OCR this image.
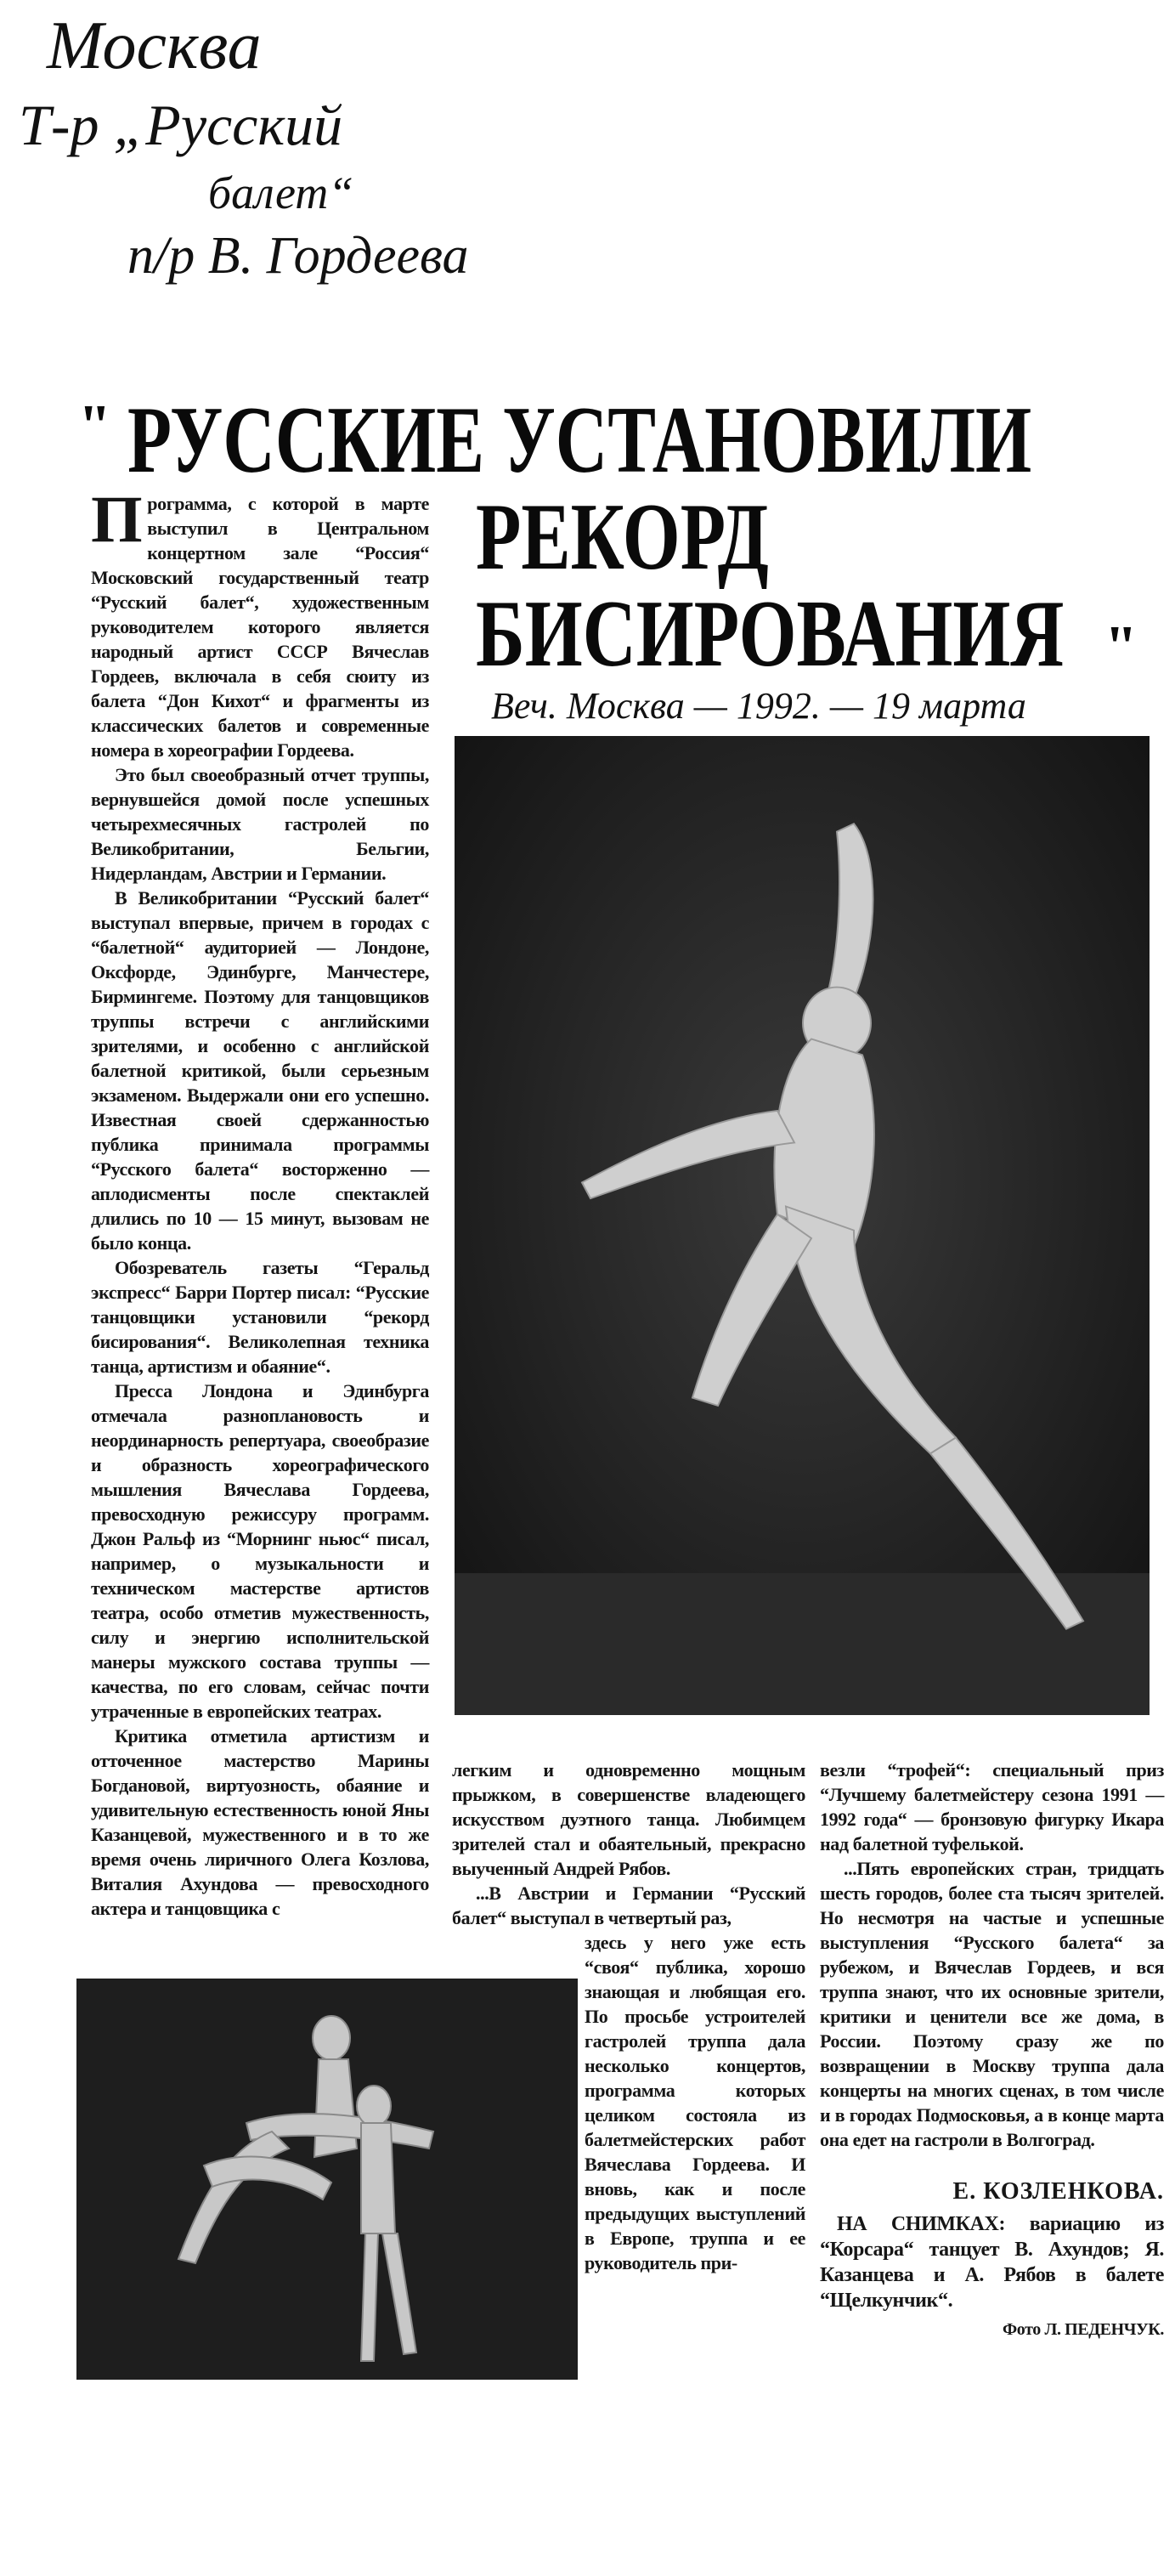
Москва
Т-р „Русский
балет“
п/р В. Гордеева
" РУССКИЕ УСТАНОВИЛИ
РЕКОРД
БИСИРОВАНИЯ "
Веч. Москва — 1992. — 19 марта

Программа, с которой в марте выступил в Центральном концертном зале “Россия“ Московский государственный театр “Русский балет“, художественным руководителем которого является народный артист СССР Вячеслав Гордеев, включала в себя сюиту из балета “Дон Кихот“ и фрагменты из классических балетов и современные номера в хореографии Гордеева.

Это был своеобразный отчет труппы, вернувшейся домой после успешных четырехмесячных гастролей по Великобритании, Бельгии, Нидерландам, Австрии и Германии.

В Великобритании “Русский балет“ выступал впервые, причем в городах с “балетной“ аудиторией — Лондоне, Оксфорде, Эдинбурге, Манчестере, Бирмингеме. Поэтому для танцовщиков труппы встречи с английскими зрителями, и особенно с английской балетной критикой, были серьезным экзаменом. Выдержали они его успешно. Известная своей сдержанностью публика принимала программы “Русского балета“ восторженно — аплодисменты после спектаклей длились по 10 — 15 минут, вызовам не было конца.

Обозреватель газеты “Геральд экспресс“ Барри Портер писал: “Русские танцовщики установили “рекорд бисирования“. Великолепная техника танца, артистизм и обаяние“.

Пресса Лондона и Эдинбурга отмечала разноплановость и неординарность репертуара, своеобразие и образность хореографического мышления Вячеслава Гордеева, превосходную режиссуру программ. Джон Ральф из “Морнинг ньюс“ писал, например, о музыкальности и техническом мастерстве артистов театра, особо отметив мужественность, силу и энергию исполнительской манеры мужского состава труппы — качества, по его словам, сейчас почти утраченные в европейских театрах.

Критика отметила артистизм и отточенное мастерство Марины Богдановой, виртуозность, обаяние и удивительную естественность юной Яны Казанцевой, мужественного и в то же время очень лиричного Олега Козлова, Виталия Ахундова — превосходного актера и танцовщика с

легким и одновременно мощным прыжком, в совершенстве владеющего искусством дуэтного танца. Любимцем зрителей стал и обаятельный, прекрасно выученный Андрей Рябов.

...В Австрии и Германии “Русский балет“ выступал в четвертый раз,

здесь у него уже есть “своя“ публика, хорошо знающая и любящая его. По просьбе устроителей гастролей труппа дала несколько концертов, программа которых целиком состояла из балетмейстерских работ Вячеслава Гордеева. И вновь, как и после предыдущих выступлений в Европе, труппа и ее руководитель при-

везли “трофей“: специальный приз “Лучшему балетмейстеру сезона 1991 — 1992 года“ — бронзовую фигурку Икара над балетной туфелькой.

...Пять европейских стран, тридцать шесть городов, более ста тысяч зрителей. Но несмотря на частые и успешные выступления “Русского балета“ за рубежом, и Вячеслав Гордеев, и вся труппа знают, что их основные зрители, критики и ценители все же дома, в России. Поэтому сразу же по возвращении в Москву труппа дала концерты на многих сценах, в том числе и в городах Подмосковья, а в конце марта она едет на гастроли в Волгоград.

Е. КОЗЛЕНКОВА.
НА СНИМКАХ: вариацию из “Корсара“ танцует В. Ахундов; Я. Казанцева и А. Рябов в балете “Щелкунчик“.
Фото Л. ПЕДЕНЧУК.
